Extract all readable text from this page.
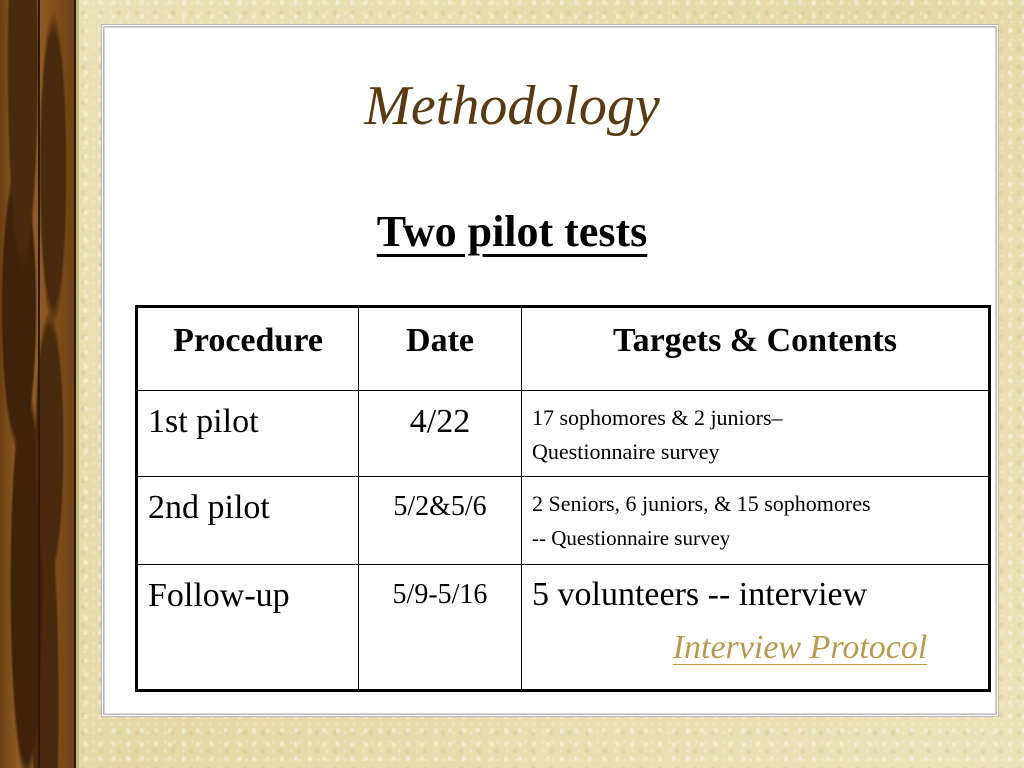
Methodology
Two pilot tests
Procedure	Date	Targets & Contents
1st pilot	4/22	17 sophomores & 2 juniors–
Questionnaire survey

2nd pilot	5/2&5/6	2 Seniors, 6 juniors, & 15 sophomores
-- Questionnaire survey

Follow-up	5/9-5/16	5 volunteers -- interview
Interview Protocol
